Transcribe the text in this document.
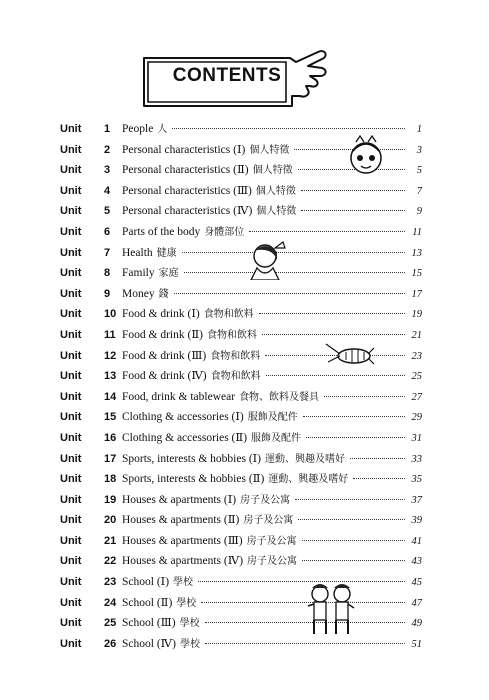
CONTENTS
Unit	1	People 人	1
Unit	2	Personal characteristics (Ⅰ) 個人特徵	3
Unit	3	Personal characteristics (Ⅱ) 個人特徵	5
Unit	4	Personal characteristics (Ⅲ) 個人特徵	7
Unit	5	Personal characteristics (Ⅳ) 個人特徵	9
Unit	6	Parts of the body 身體部位	11
Unit	7	Health 健康	13
Unit	8	Family 家庭	15
Unit	9	Money 錢	17
Unit	10 Food & drink (Ⅰ) 食物和飲料	19
Unit	11 Food & drink (Ⅱ) 食物和飲料	21
Unit	12 Food & drink (Ⅲ) 食物和飲料	23
Unit	13 Food & drink (Ⅳ) 食物和飲料	25
Unit	14 Food, drink & tablewear 食物、飲料及餐具	27
Unit	15 Clothing & accessories (Ⅰ) 服飾及配件	29
Unit	16 Clothing & accessories (Ⅱ) 服飾及配件	31
Unit	17 Sports, interests & hobbies (Ⅰ) 運動、興趣及嗜好	33
Unit	18 Sports, interests & hobbies (Ⅱ) 運動、興趣及嗜好	35
Unit	19 Houses & apartments (Ⅰ) 房子及公寓	37
Unit	20 Houses & apartments (Ⅱ) 房子及公寓	39
Unit	21 Houses & apartments (Ⅲ) 房子及公寓	41
Unit	22 Houses & apartments (Ⅳ) 房子及公寓	43
Unit	23 School (Ⅰ) 學校	45
Unit	24 School (Ⅱ) 學校	47
Unit	25 School (Ⅲ) 學校	49
Unit	26 School (Ⅳ) 學校	51
